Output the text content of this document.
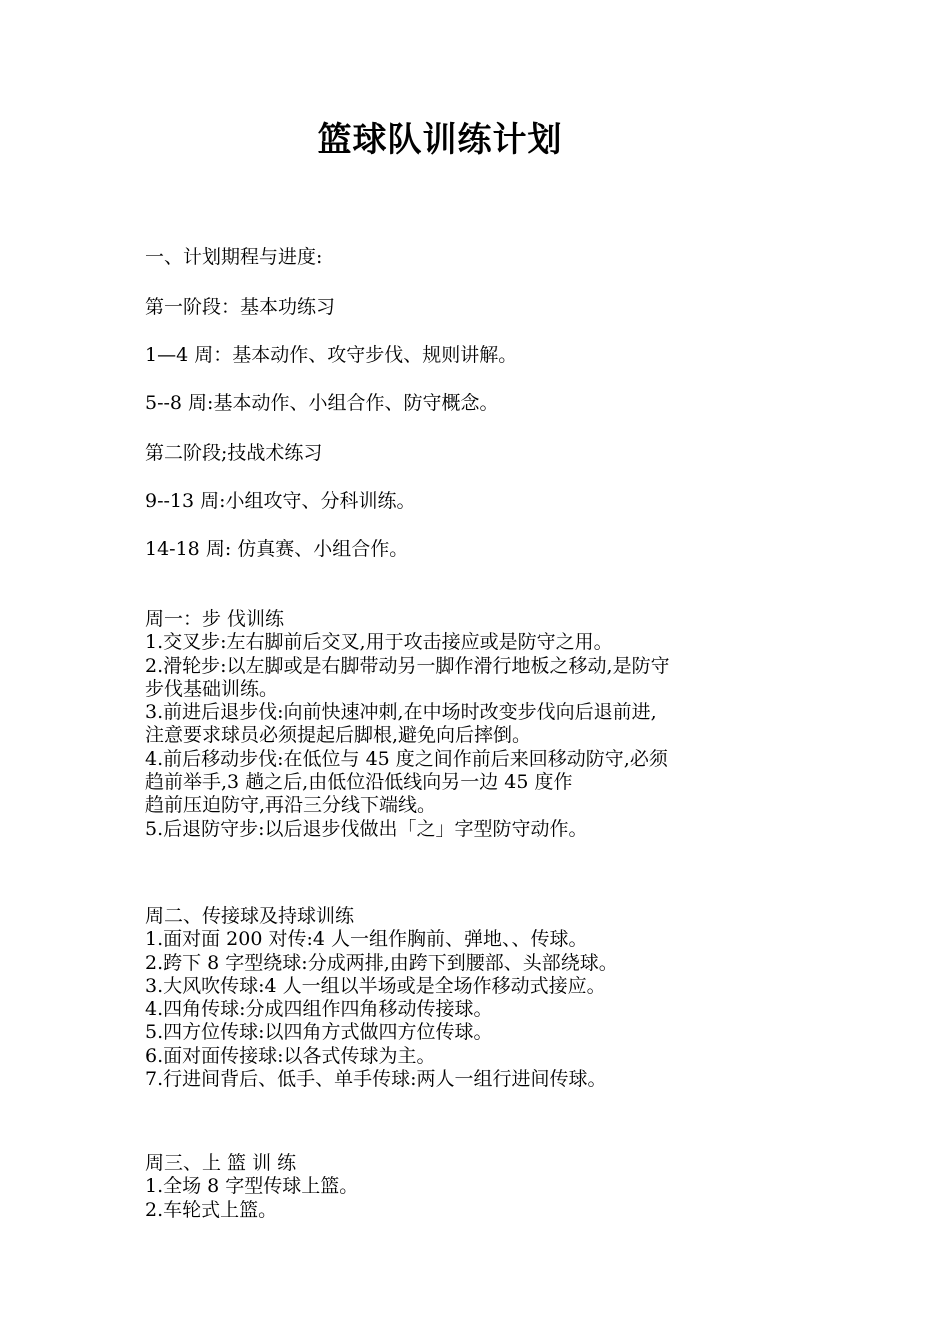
篮球队训练计划

一、计划期程与进度:

第一阶段：基本功练习

1—4 周：基本动作、攻守步伐、规则讲解。

5--8 周:基本动作、小组合作、防守概念。

第二阶段;技战术练习

9--13 周:小组攻守、分科训练。

14-18 周: 仿真赛、小组合作。

周一：步 伐训练

1.交叉步:左右脚前后交叉,用于攻击接应或是防守之用。

2.滑轮步:以左脚或是右脚带动另一脚作滑行地板之移动,是防守

步伐基础训练。

3.前进后退步伐:向前快速冲刺,在中场时改变步伐向后退前进,

注意要求球员必须提起后脚根,避免向后摔倒。

4.前后移动步伐:在低位与 45 度之间作前后来回移动防守,必须

趋前举手,3 趟之后,由低位沿低线向另一边 45 度作

趋前压迫防守,再沿三分线下端线。

5.后退防守步:以后退步伐做出「之」字型防守动作。

周二、传接球及持球训练

1.面对面 200 对传:4 人一组作胸前、弹地、、传球。

2.跨下 8 字型绕球:分成两排,由跨下到腰部、头部绕球。

3.大风吹传球:4 人一组以半场或是全场作移动式接应。

4.四角传球:分成四组作四角移动传接球。

5.四方位传球:以四角方式做四方位传球。

6.面对面传接球:以各式传球为主。

7.行进间背后、低手、单手传球:两人一组行进间传球。

周三、上 篮 训 练

1.全场 8 字型传球上篮。

2.车轮式上篮。
